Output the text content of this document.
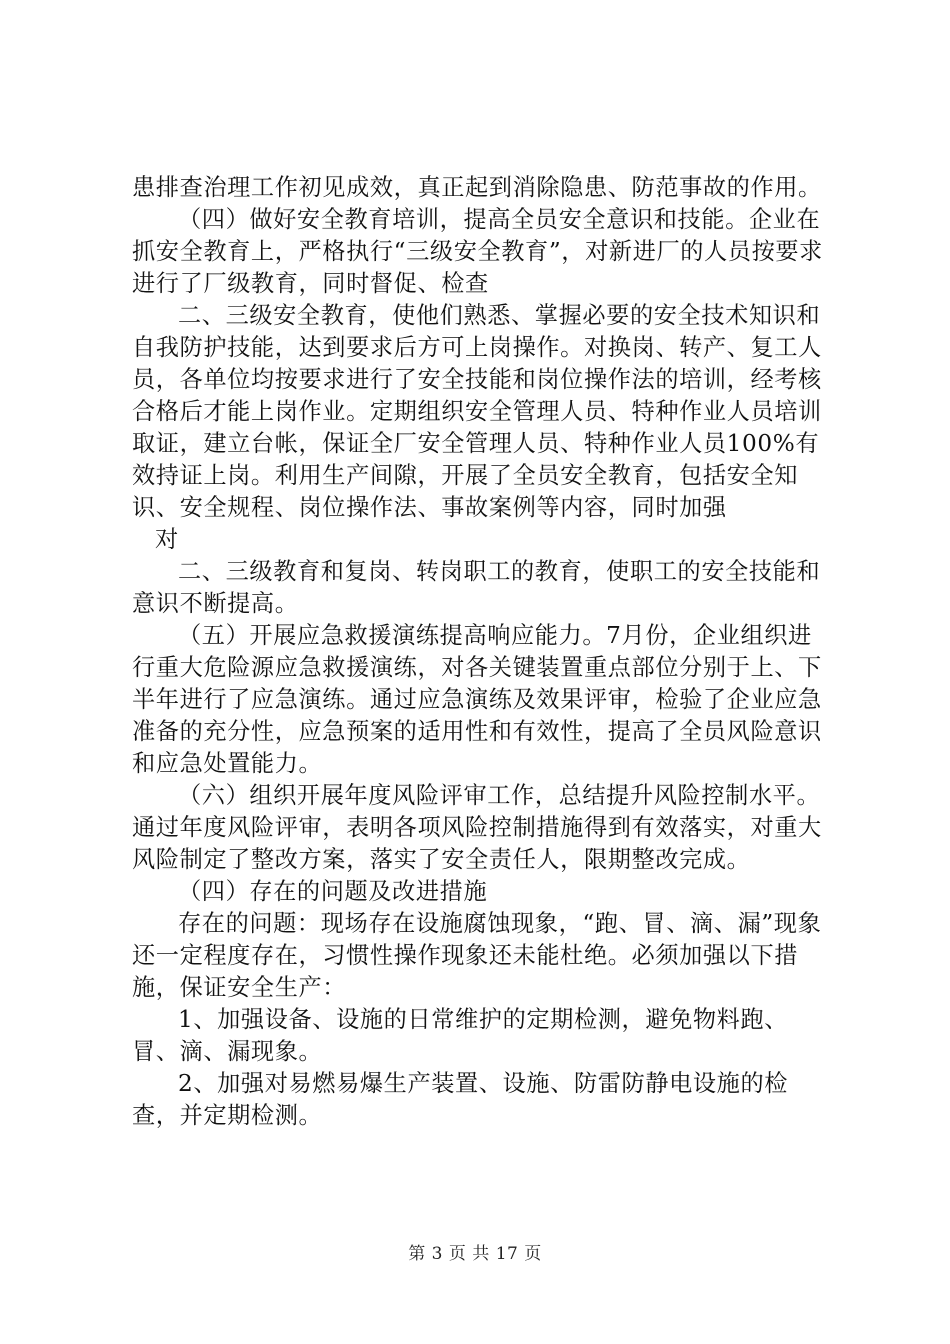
患排查治理工作初见成效，真正起到消除隐患、防范事故的作用。

（四）做好安全教育培训，提高全员安全意识和技能。企业在抓安全教育上，严格执行“三级安全教育”，对新进厂的人员按要求进行了厂级教育，同时督促、检查

二、三级安全教育，使他们熟悉、掌握必要的安全技术知识和自我防护技能，达到要求后方可上岗操作。对换岗、转产、复工人员，各单位均按要求进行了安全技能和岗位操作法的培训，经考核合格后才能上岗作业。定期组织安全管理人员、特种作业人员培训取证，建立台帐，保证全厂安全管理人员、特种作业人员100%有效持证上岗。利用生产间隙，开展了全员安全教育，包括安全知识、安全规程、岗位操作法、事故案例等内容，同时加强

对

二、三级教育和复岗、转岗职工的教育，使职工的安全技能和意识不断提高。

（五）开展应急救援演练提高响应能力。7月份，企业组织进行重大危险源应急救援演练，对各关键装置重点部位分别于上、下半年进行了应急演练。通过应急演练及效果评审，检验了企业应急准备的充分性，应急预案的适用性和有效性，提高了全员风险意识和应急处置能力。

（六）组织开展年度风险评审工作，总结提升风险控制水平。通过年度风险评审，表明各项风险控制措施得到有效落实，对重大风险制定了整改方案，落实了安全责任人，限期整改完成。

（四）存在的问题及改进措施

存在的问题：现场存在设施腐蚀现象，“跑、冒、滴、漏”现象还一定程度存在，习惯性操作现象还未能杜绝。必须加强以下措施，保证安全生产：

1、加强设备、设施的日常维护的定期检测，避免物料跑、冒、滴、漏现象。

2、加强对易燃易爆生产装置、设施、防雷防静电设施的检查，并定期检测。

第 3 页 共 17 页
